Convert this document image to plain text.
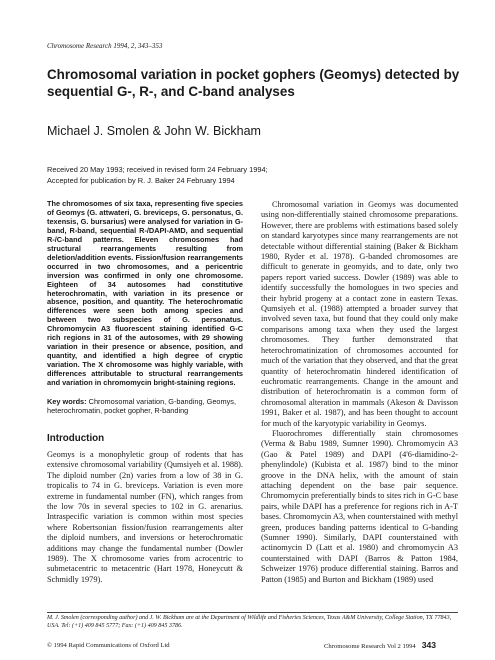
Chromosome Research 1994, 2, 343–353
Chromosomal variation in pocket gophers (Geomys) detected by sequential G-, R-, and C-band analyses
Michael J. Smolen & John W. Bickham
Received 20 May 1993; received in revised form 24 February 1994;
Accepted for publication by R. J. Baker 24 February 1994

The chromosomes of six taxa, representing five species of Geomys (G. attwateri, G. breviceps, G. personatus, G. texensis, G. bursarius) were analysed for variation in G-band, R-band, sequential R-/DAPI-AMD, and sequential R-/C-band patterns. Eleven chromosomes had structural rearrangements resulting from deletion/addition events. Fission/fusion rearrangements occurred in two chromosomes, and a pericentric inversion was confirmed in only one chromosome. Eighteen of 34 autosomes had constitutive heterochromatin, with variation in its presence or absence, position, and quantity. The heterochromatic differences were seen both among species and between two subspecies of G. personatus. Chromomycin A3 fluorescent staining identified G-C rich regions in 31 of the autosomes, with 29 showing variation in their presence or absence, position, and quantity, and identified a high degree of cryptic variation. The X chromosome was highly variable, with differences attributable to structural rearrangements and variation in chromomycin bright-staining regions.

Key words: Chromosomal variation, G-banding, Geomys, heterochromatin, pocket gopher, R-banding

Introduction

Geomys is a monophyletic group of rodents that has extensive chromosomal variability (Qumsiyeh et al. 1988). The diploid number (2n) varies from a low of 38 in G. tropicalis to 74 in G. breviceps. Variation is even more extreme in fundamental number (FN), which ranges from the low 70s in several species to 102 in G. arenarius. Intraspecific variation is common within most species where Robertsonian fission/fusion rearrangements alter the diploid numbers, and inversions or heterochromatic additions may change the fundamental number (Dowler 1989). The X chromosome varies from acrocentric to submetacentric to metacentric (Hart 1978, Honeycutt & Schmidly 1979).

Chromosomal variation in Geomys was documented using non-differentially stained chromosome preparations. However, there are problems with estimations based solely on standard karyotypes since many rearrangements are not detectable without differential staining (Baker & Bickham 1980, Ryder et al. 1978). G-banded chromosomes are difficult to generate in geomyids, and to date, only two papers report varied success. Dowler (1989) was able to identify successfully the homologues in two species and their hybrid progeny at a contact zone in eastern Texas. Qumsiyeh et al. (1988) attempted a broader survey that involved seven taxa, but found that they could only make comparisons among taxa when they used the largest chromosomes. They further demonstrated that heterochromatinization of chromosomes accounted for much of the variation that they observed, and that the great quantity of heterochromatin hindered identification of euchromatic rearrangements. Change in the amount and distribution of heterochromatin is a common form of chromosomal alteration in mammals (Akeson & Davisson 1991, Baker et al. 1987), and has been thought to account for much of the karyotypic variability in Geomys.

Fluorochromes differentially stain chromosomes (Verma & Babu 1989, Sumner 1990). Chromomycin A3 (Gao & Patel 1989) and DAPI (4'6-diamidino-2-phenylindole) (Kubista et al. 1987) bind to the minor groove in the DNA helix, with the amount of stain attaching dependent on the base pair sequence. Chromomycin preferentially binds to sites rich in G-C base pairs, while DAPI has a preference for regions rich in A-T bases. Chromomycin A3, when counterstained with methyl green, produces banding patterns identical to G-banding (Sumner 1990). Similarly, DAPI counterstained with actinomycin D (Latt et al. 1980) and chromomycin A3 counterstained with DAPI (Barros & Patton 1984, Schweizer 1976) produce differential staining. Barros and Patton (1985) and Burton and Bickham (1989) used

M. J. Smolen (corresponding author) and J. W. Bickham are at the Department of Wildlife and Fisheries Sciences, Texas A&M University, College Station, TX 77843, USA. Tel: (+1) 409 845 5777; Fax: (+1) 409 845 3786.

© 1994 Rapid Communications of Oxford Ltd	Chromosome Research Vol 2 1994 343
